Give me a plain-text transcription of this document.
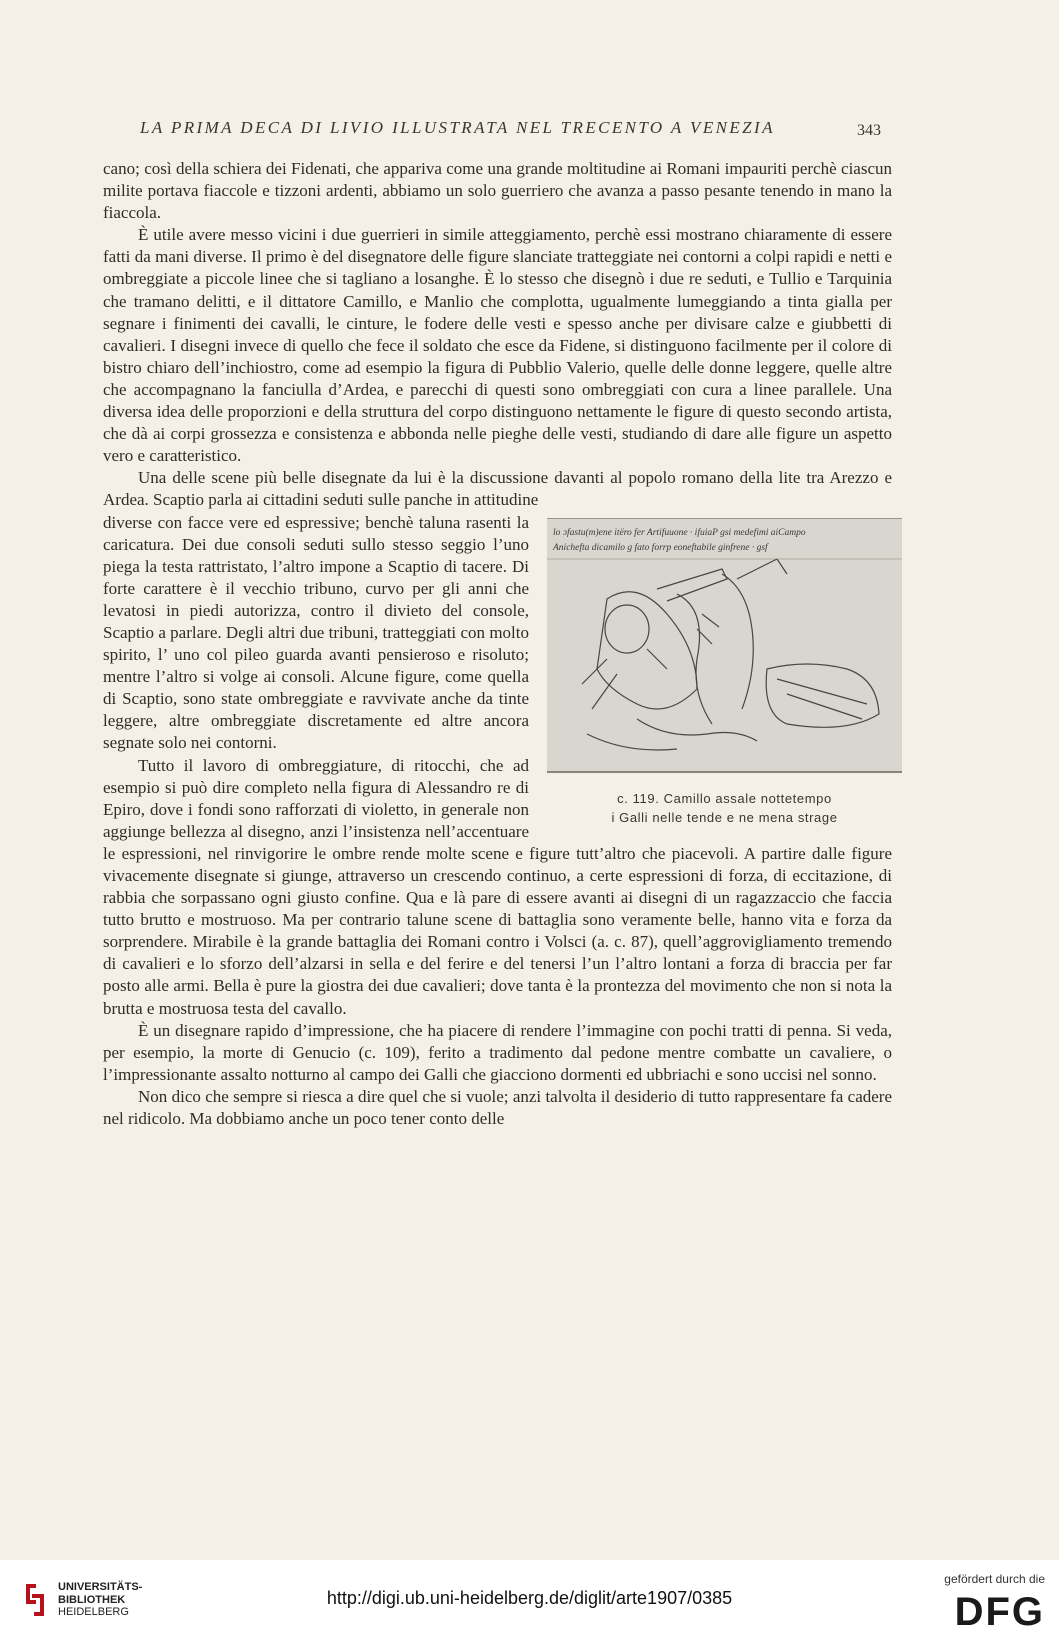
LA PRIMA DECA DI LIVIO ILLUSTRATA NEL TRECENTO A VENEZIA	343

cano; così della schiera dei Fidenati, che appariva come una grande moltitudine ai Romani impauriti perchè ciascun milite portava fiaccole e tizzoni ardenti, abbiamo un solo guerriero che avanza a passo pesante tenendo in mano la fiaccola.

È utile avere messo vicini i due guerrieri in simile atteggiamento, perchè essi mostrano chiaramente di essere fatti da mani diverse. Il primo è del disegnatore delle figure slanciate tratteggiate nei contorni a colpi rapidi e netti e ombreggiate a piccole linee che si tagliano a losanghe. È lo stesso che disegnò i due re seduti, e Tullio e Tarquinia che tramano delitti, e il dittatore Camillo, e Manlio che complotta, ugualmente lumeggiando a tinta gialla per segnare i finimenti dei cavalli, le cinture, le fodere delle vesti e spesso anche per divisare calze e giubbetti di cavalieri. I disegni invece di quello che fece il soldato che esce da Fidene, si distinguono facilmente per il colore di bistro chiaro dell’inchiostro, come ad esempio la figura di Pubblio Valerio, quelle delle donne leggere, quelle altre che accompagnano la fanciulla d’Ardea, e parecchi di questi sono ombreggiati con cura a linee parallele. Una diversa idea delle proporzioni e della struttura del corpo distinguono nettamente le figure di questo secondo artista, che dà ai corpi grossezza e consistenza e abbonda nelle pieghe delle vesti, studiando di dare alle figure un aspetto vero e caratteristico.

Una delle scene più belle disegnate da lui è la discussione davanti al popolo romano della lite tra Arezzo e Ardea. Scaptio parla ai cittadini seduti sulle panche in attitudine

lo ɔfastu(m)ene itëro fer Artifuuone · ifuiaP gsi medefimi aiCampo
Anichefta dicamilo g fato forrp eoneftabile ginfrene · gsf
c. 119. Camillo assale nottetempo
i Galli nelle tende e ne mena strage

diverse con facce vere ed espressive; benchè taluna rasenti la caricatura. Dei due consoli seduti sullo stesso seggio l’uno piega la testa rattristato, l’altro impone a Scaptio di tacere. Di forte carattere è il vecchio tribuno, curvo per gli anni che levatosi in piedi autorizza, contro il divieto del console, Scaptio a parlare. Degli altri due tribuni, tratteggiati con molto spirito, l’ uno col pileo guarda avanti pensieroso e risoluto; mentre l’altro si volge ai consoli. Alcune figure, come quella di Scaptio, sono state ombreggiate e ravvivate anche da tinte leggere, altre ombreggiate discretamente ed altre ancora segnate solo nei contorni.

Tutto il lavoro di ombreggiature, di ritocchi, che ad esempio si può dire completo nella figura di Alessandro re di Epiro, dove i fondi sono rafforzati di violetto, in generale non aggiunge bellezza al disegno, anzi l’insistenza nell’accentuare le espressioni, nel rinvigorire le ombre rende molte scene e figure tutt’altro che piacevoli. A partire dalle figure vivacemente disegnate si giunge, attraverso un crescendo continuo, a certe espressioni di forza, di eccitazione, di rabbia che sorpassano ogni giusto confine. Qua e là pare di essere avanti ai disegni di un ragazzaccio che faccia tutto brutto e mostruoso. Ma per contrario talune scene di battaglia sono veramente belle, hanno vita e forza da sorprendere. Mirabile è la grande battaglia dei Romani contro i Volsci (a. c. 87), quell’aggrovigliamento tremendo di cavalieri e lo sforzo dell’alzarsi in sella e del ferire e del tenersi l’un l’altro lontani a forza di braccia per far posto alle armi. Bella è pure la giostra dei due cavalieri; dove tanta è la prontezza del movimento che non si nota la brutta e mostruosa testa del cavallo.

È un disegnare rapido d’impressione, che ha piacere di rendere l’immagine con pochi tratti di penna. Si veda, per esempio, la morte di Genucio (c. 109), ferito a tradimento dal pedone mentre combatte un cavaliere, o l’impressionante assalto notturno al campo dei Galli che giacciono dormenti ed ubbriachi e sono uccisi nel sonno.

Non dico che sempre si riesca a dire quel che si vuole; anzi talvolta il desiderio di tutto rappresentare fa cadere nel ridicolo. Ma dobbiamo anche un poco tener conto delle

UNIVERSITÄTS-
BIBLIOTHEK
HEIDELBERG
http://digi.ub.uni-heidelberg.de/diglit/arte1907/0385
gefördert durch die
DFG
